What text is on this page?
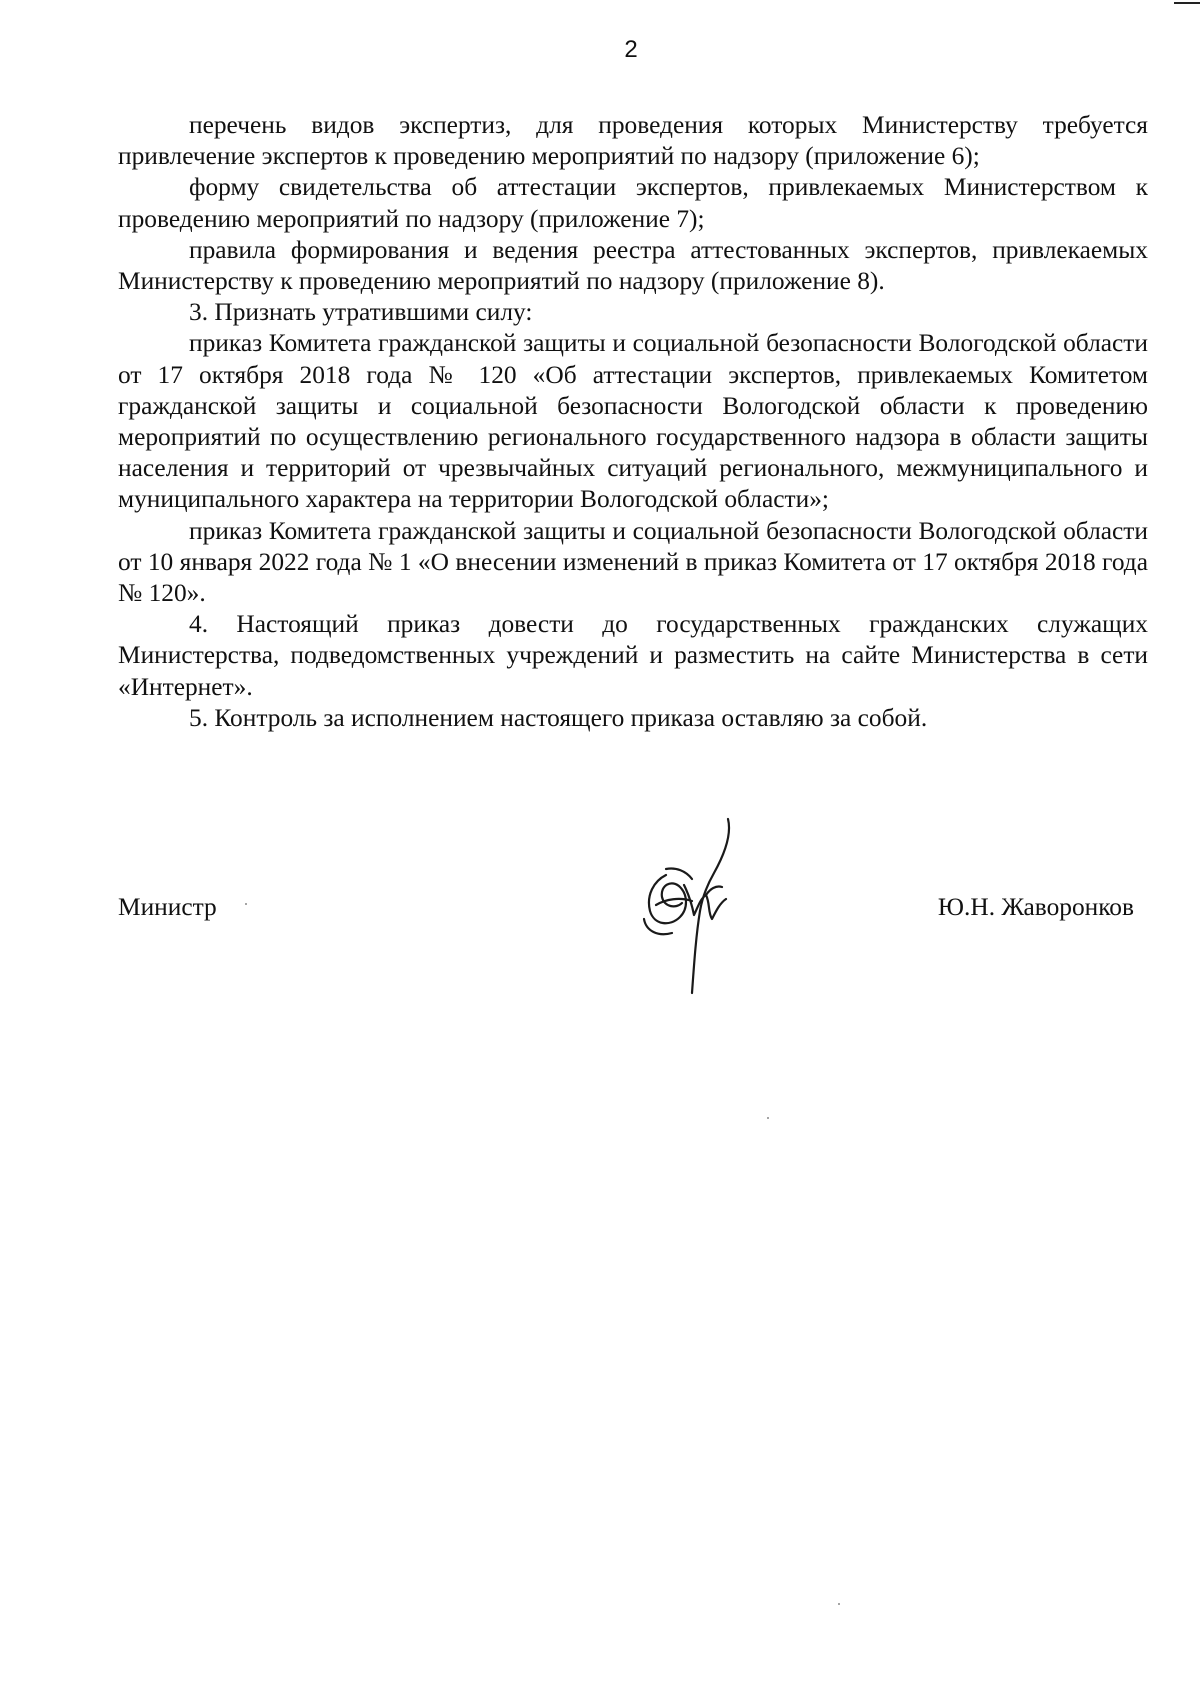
2

перечень видов экспертиз, для проведения которых Министерству требуется привлечение экспертов к проведению мероприятий по надзору (приложение 6);

форму свидетельства об аттестации экспертов, привлекаемых Министерством к проведению мероприятий по надзору (приложение 7);

правила формирования и ведения реестра аттестованных экспертов, привлекаемых Министерству к проведению мероприятий по надзору (приложение 8).

3. Признать утратившими силу:

приказ Комитета гражданской защиты и социальной безопасности Вологодской области от 17 октября 2018 года № 120 «Об аттестации экспертов, привлекаемых Комитетом гражданской защиты и социальной безопасности Вологодской области к проведению мероприятий по осуществлению регионального государственного надзора в области защиты населения и территорий от чрезвычайных ситуаций регионального, межмуниципального и муниципального характера на территории Вологодской области»;

приказ Комитета гражданской защиты и социальной безопасности Вологодской области от 10 января 2022 года № 1 «О внесении изменений в приказ Комитета от 17 октября 2018 года № 120».

4. Настоящий приказ довести до государственных гражданских служащих Министерства, подведомственных учреждений и разместить на сайте Министерства в сети «Интернет».

5. Контроль за исполнением настоящего приказа оставляю за собой.

Министр	Ю.Н. Жаворонков
